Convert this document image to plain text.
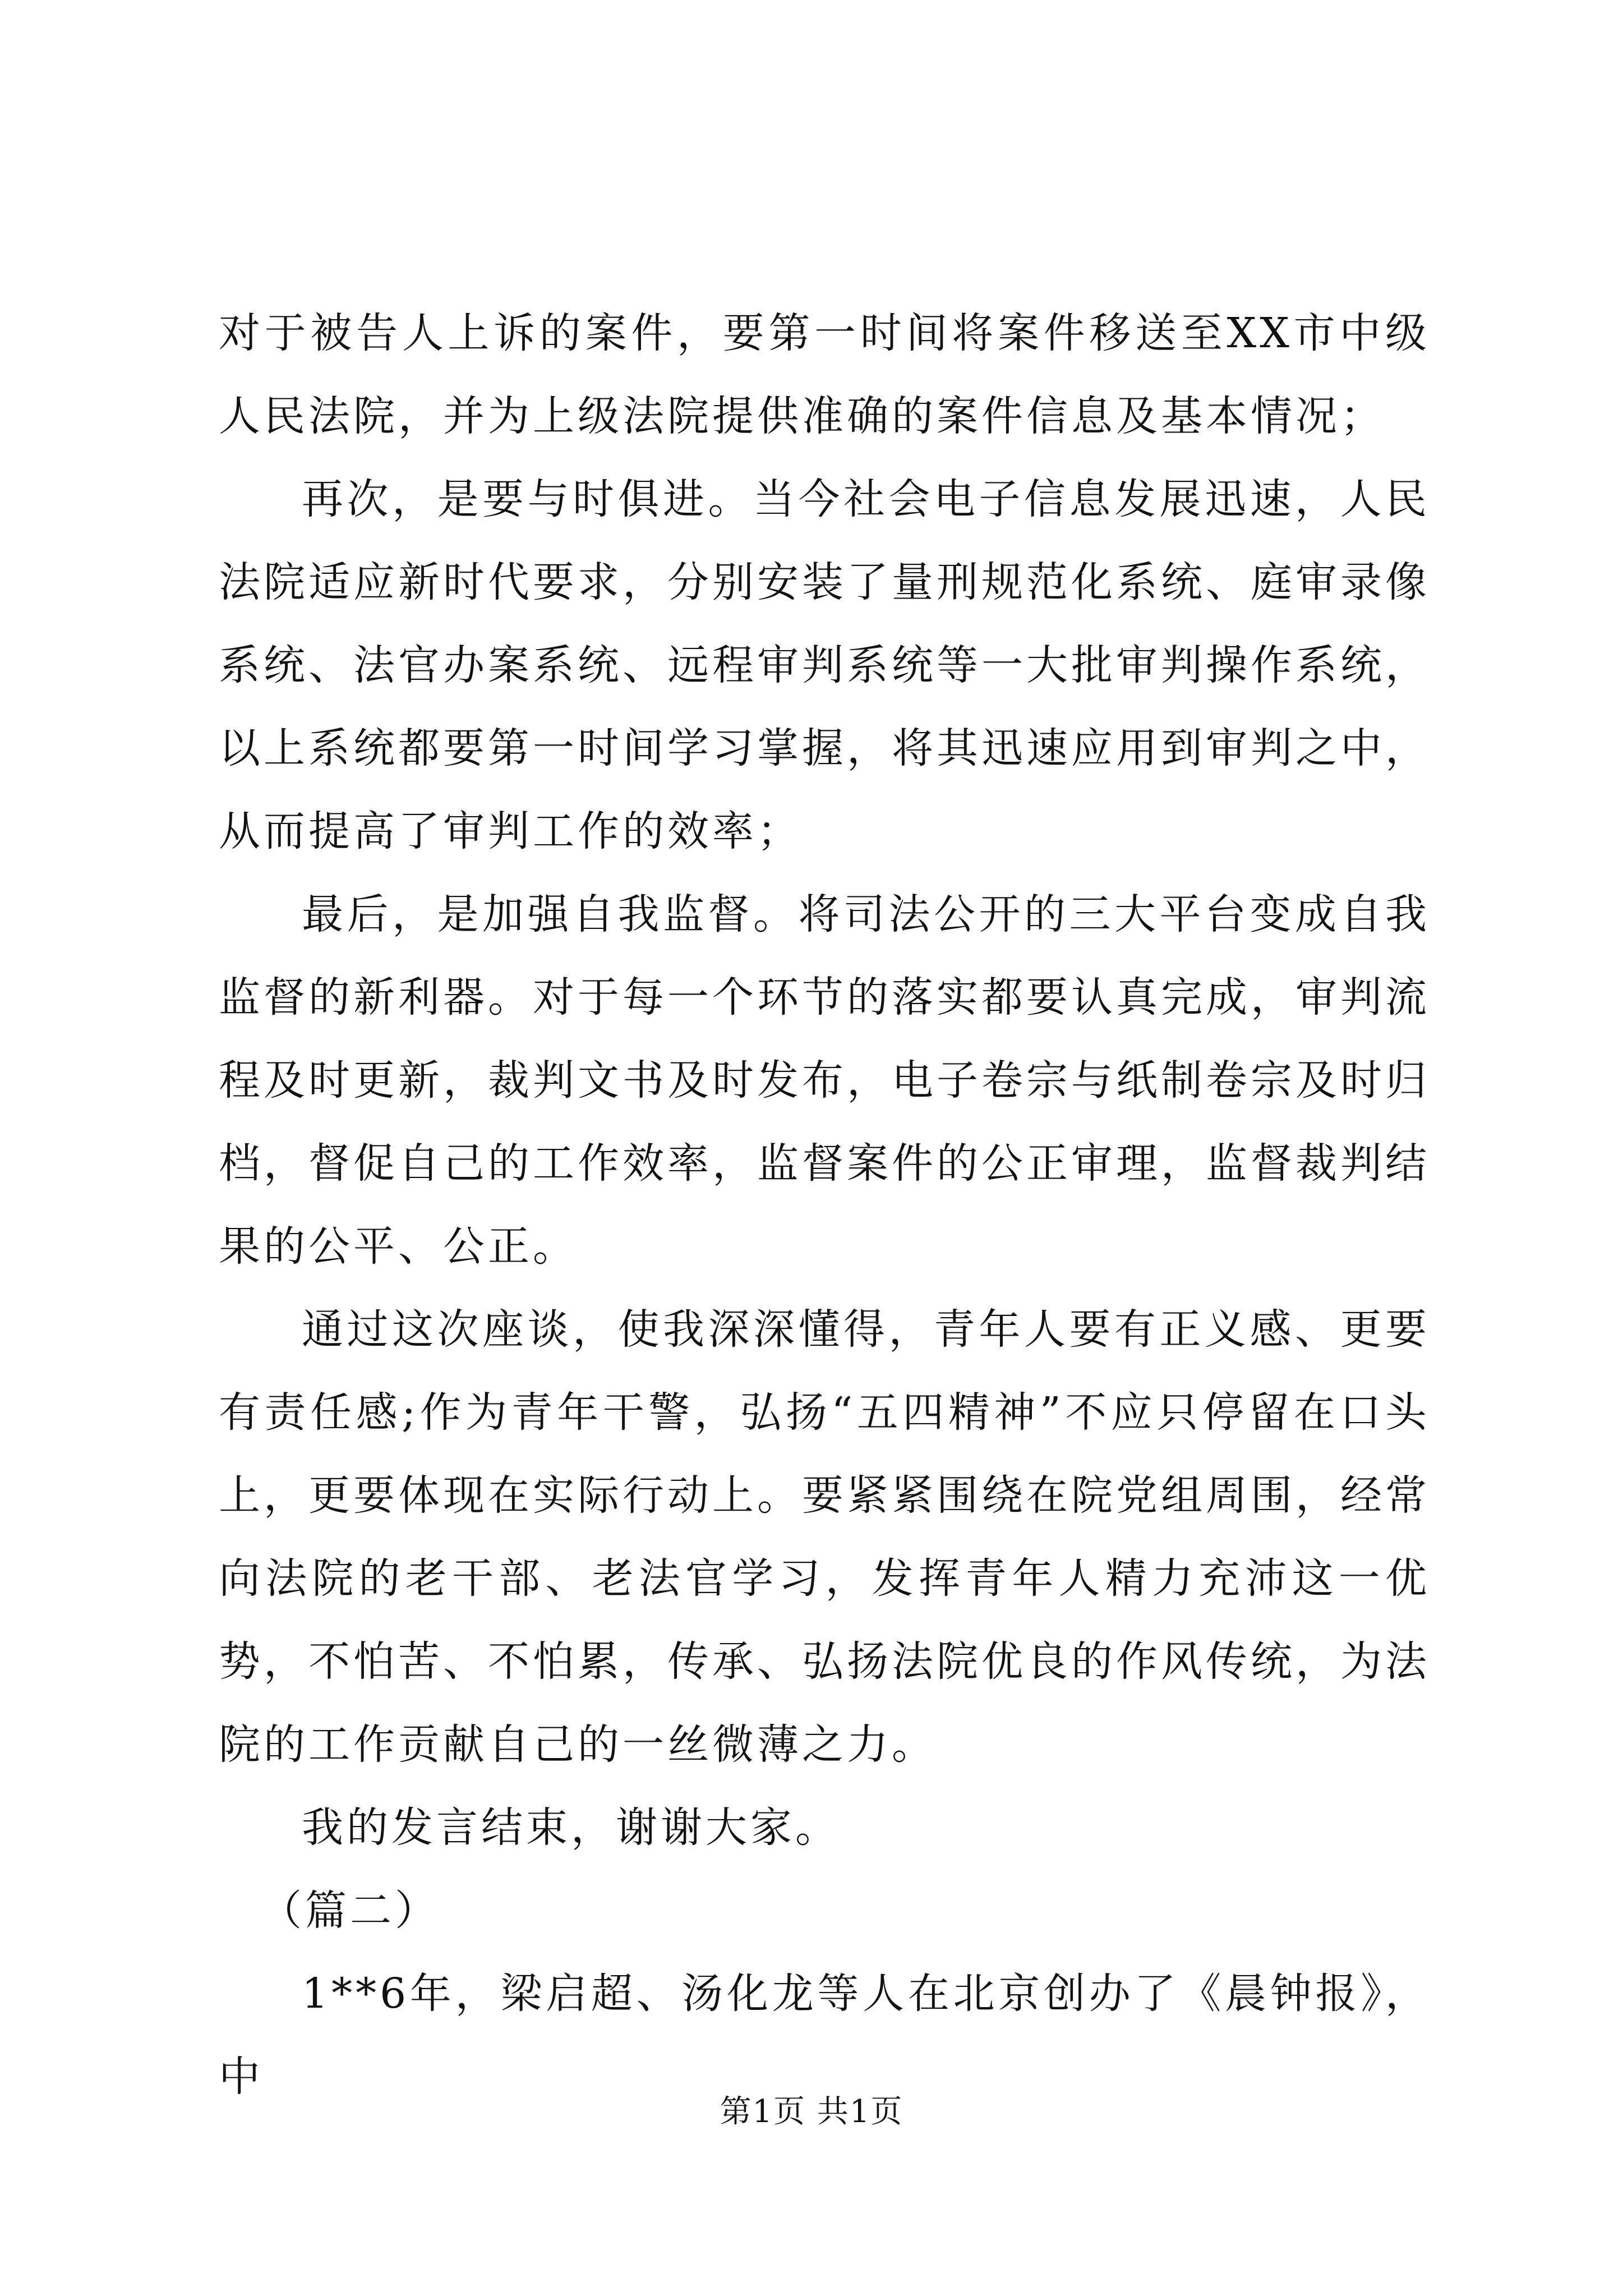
对于被告人上诉的案件，要第一时间将案件移送至XX市中级人民法院，并为上级法院提供准确的案件信息及基本情况；

再次，是要与时俱进。当今社会电子信息发展迅速，人民法院适应新时代要求，分别安装了量刑规范化系统、庭审录像系统、法官办案系统、远程审判系统等一大批审判操作系统，以上系统都要第一时间学习掌握，将其迅速应用到审判之中，从而提高了审判工作的效率；

最后，是加强自我监督。将司法公开的三大平台变成自我监督的新利器。对于每一个环节的落实都要认真完成，审判流程及时更新，裁判文书及时发布，电子卷宗与纸制卷宗及时归档，督促自己的工作效率，监督案件的公正审理，监督裁判结果的公平、公正。

通过这次座谈，使我深深懂得，青年人要有正义感、更要有责任感;作为青年干警，弘扬“五四精神”不应只停留在口头上，更要体现在实际行动上。要紧紧围绕在院党组周围，经常向法院的老干部、老法官学习，发挥青年人精力充沛这一优势，不怕苦、不怕累，传承、弘扬法院优良的作风传统，为法院的工作贡献自己的一丝微薄之力。

我的发言结束，谢谢大家。

（篇二）

1**6年，梁启超、汤化龙等人在北京创办了《晨钟报》，中

第1页 共1页
